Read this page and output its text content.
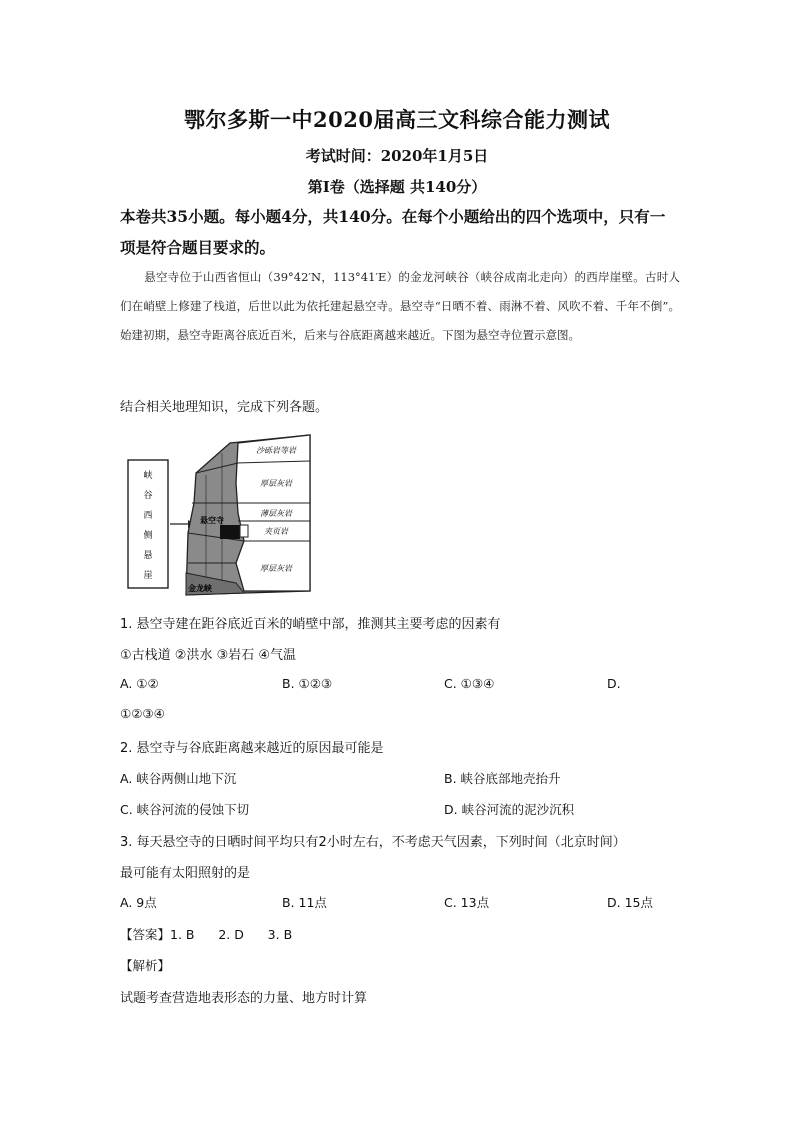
鄂尔多斯一中2020届高三文科综合能力测试
考试时间：2020年1月5日
第Ⅰ卷（选择题 共140分）
本卷共35小题。每小题4分，共140分。在每个小题给出的四个选项中，只有一项是符合题目要求的。
悬空寺位于山西省恒山（39°42′N，113°41′E）的金龙河峡谷（峡谷成南北走向）的西岸崖壁。古时人们在峭壁上修建了栈道，后世以此为依托建起悬空寺。悬空寺“日晒不着、雨淋不着、风吹不着、千年不倒”。始建初期，悬空寺距离谷底近百米，后来与谷底距离越来越近。下图为悬空寺位置示意图。
结合相关地理知识，完成下列各题。
峡
谷
西
侧
悬
崖
沙砾岩等岩
厚层灰岩
薄层灰岩
夹页岩
厚层灰岩
悬空寺
金龙峡
1. 悬空寺建在距谷底近百米的峭壁中部，推测其主要考虑的因素有
①古栈道 ②洪水 ③岩石 ④气温
A. ①②	B. ①②③	C. ①③④	D.
①②③④
2. 悬空寺与谷底距离越来越近的原因最可能是
A. 峡谷两侧山地下沉	B. 峡谷底部地壳抬升
C. 峡谷河流的侵蚀下切	D. 峡谷河流的泥沙沉积
3. 每天悬空寺的日晒时间平均只有2小时左右，不考虑天气因素，下列时间（北京时间）
最可能有太阳照射的是
A. 9点	B. 11点	C. 13点	D. 15点
【答案】1. B      2. D      3. B
【解析】
试题考查营造地表形态的力量、地方时计算
